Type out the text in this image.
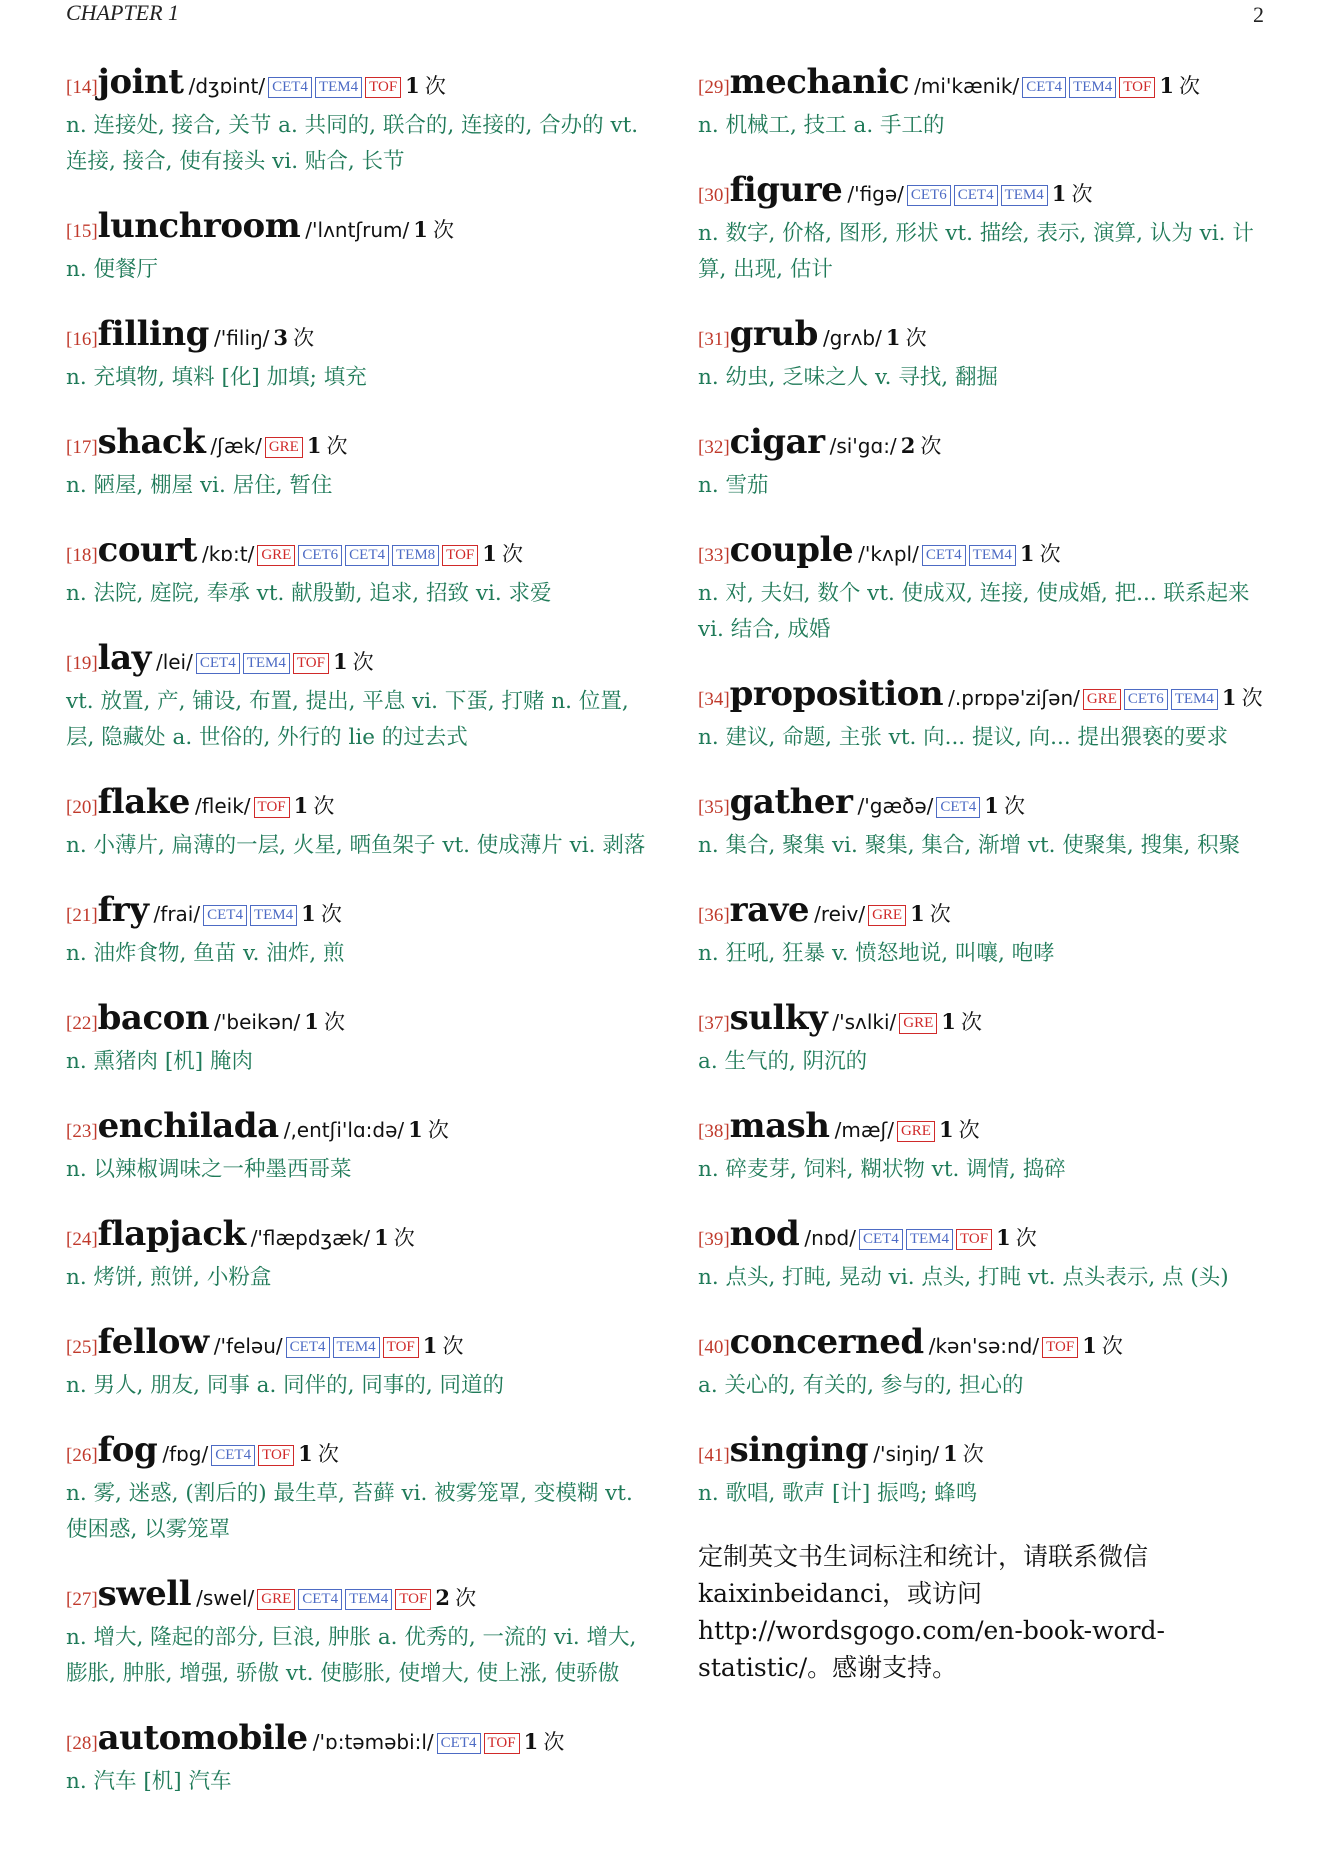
CHAPTER 1	2
[14]joint /dʒɒint/ CET4 TEM4 TOF 1 次
n. 连接处, 接合, 关节 a. 共同的, 联合的, 连接的, 合办的 vt. 连接, 接合, 使有接头 vi. 贴合, 长节
[15]lunchroom /'lʌntʃrum/ 1 次
n. 便餐厅
[16]filling /'filiŋ/ 3 次
n. 充填物, 填料 [化] 加填; 填充
[17]shack /ʃæk/ GRE 1 次
n. 陋屋, 棚屋 vi. 居住, 暂住
[18]court /kɒ:t/ GRE CET6 CET4 TEM8 TOF 1 次
n. 法院, 庭院, 奉承 vt. 献殷勤, 追求, 招致 vi. 求爱
[19]lay /lei/ CET4 TEM4 TOF 1 次
vt. 放置, 产, 铺设, 布置, 提出, 平息 vi. 下蛋, 打赌 n. 位置, 层, 隐藏处 a. 世俗的, 外行的 lie 的过去式
[20]flake /fleik/ TOF 1 次
n. 小薄片, 扁薄的一层, 火星, 晒鱼架子 vt. 使成薄片 vi. 剥落
[21]fry /frai/ CET4 TEM4 1 次
n. 油炸食物, 鱼苗 v. 油炸, 煎
[22]bacon /'beikən/ 1 次
n. 熏猪肉 [机] 腌肉
[23]enchilada /,entʃi'lɑ:də/ 1 次
n. 以辣椒调味之一种墨西哥菜
[24]flapjack /'flæpdʒæk/ 1 次
n. 烤饼, 煎饼, 小粉盒
[25]fellow /'feləu/ CET4 TEM4 TOF 1 次
n. 男人, 朋友, 同事 a. 同伴的, 同事的, 同道的
[26]fog /fɒg/ CET4 TOF 1 次
n. 雾, 迷惑, (割后的) 最生草, 苔藓 vi. 被雾笼罩, 变模糊 vt. 使困惑, 以雾笼罩
[27]swell /swel/ GRE CET4 TEM4 TOF 2 次
n. 增大, 隆起的部分, 巨浪, 肿胀 a. 优秀的, 一流的 vi. 增大, 膨胀, 肿胀, 增强, 骄傲 vt. 使膨胀, 使增大, 使上涨, 使骄傲
[28]automobile /'ɒ:təməbi:l/ CET4 TOF 1 次
n. 汽车 [机] 汽车
[29]mechanic /mi'kænik/ CET4 TEM4 TOF 1 次
n. 机械工, 技工 a. 手工的
[30]figure /'figə/ CET6 CET4 TEM4 1 次
n. 数字, 价格, 图形, 形状 vt. 描绘, 表示, 演算, 认为 vi. 计算, 出现, 估计
[31]grub /grʌb/ 1 次
n. 幼虫, 乏味之人 v. 寻找, 翻掘
[32]cigar /si'gɑ:/ 2 次
n. 雪茄
[33]couple /'kʌpl/ CET4 TEM4 1 次
n. 对, 夫妇, 数个 vt. 使成双, 连接, 使成婚, 把... 联系起来 vi. 结合, 成婚
[34]proposition /.prɒpə'ziʃən/ GRE CET6 TEM4 1 次
n. 建议, 命题, 主张 vt. 向... 提议, 向... 提出猥亵的要求
[35]gather /'gæðə/ CET4 1 次
n. 集合, 聚集 vi. 聚集, 集合, 渐增 vt. 使聚集, 搜集, 积聚
[36]rave /reiv/ GRE 1 次
n. 狂吼, 狂暴 v. 愤怒地说, 叫嚷, 咆哮
[37]sulky /'sʌlki/ GRE 1 次
a. 生气的, 阴沉的
[38]mash /mæʃ/ GRE 1 次
n. 碎麦芽, 饲料, 糊状物 vt. 调情, 捣碎
[39]nod /nɒd/ CET4 TEM4 TOF 1 次
n. 点头, 打盹, 晃动 vi. 点头, 打盹 vt. 点头表示, 点 (头)
[40]concerned /kən'sə:nd/ TOF 1 次
a. 关心的, 有关的, 参与的, 担心的
[41]singing /'siŋiŋ/ 1 次
n. 歌唱, 歌声 [计] 振鸣; 蜂鸣
定制英文书生词标注和统计，请联系微信 kaixinbeidanci，或访问 http://wordsgogo.com/en-book-word-statistic/。感谢支持。
